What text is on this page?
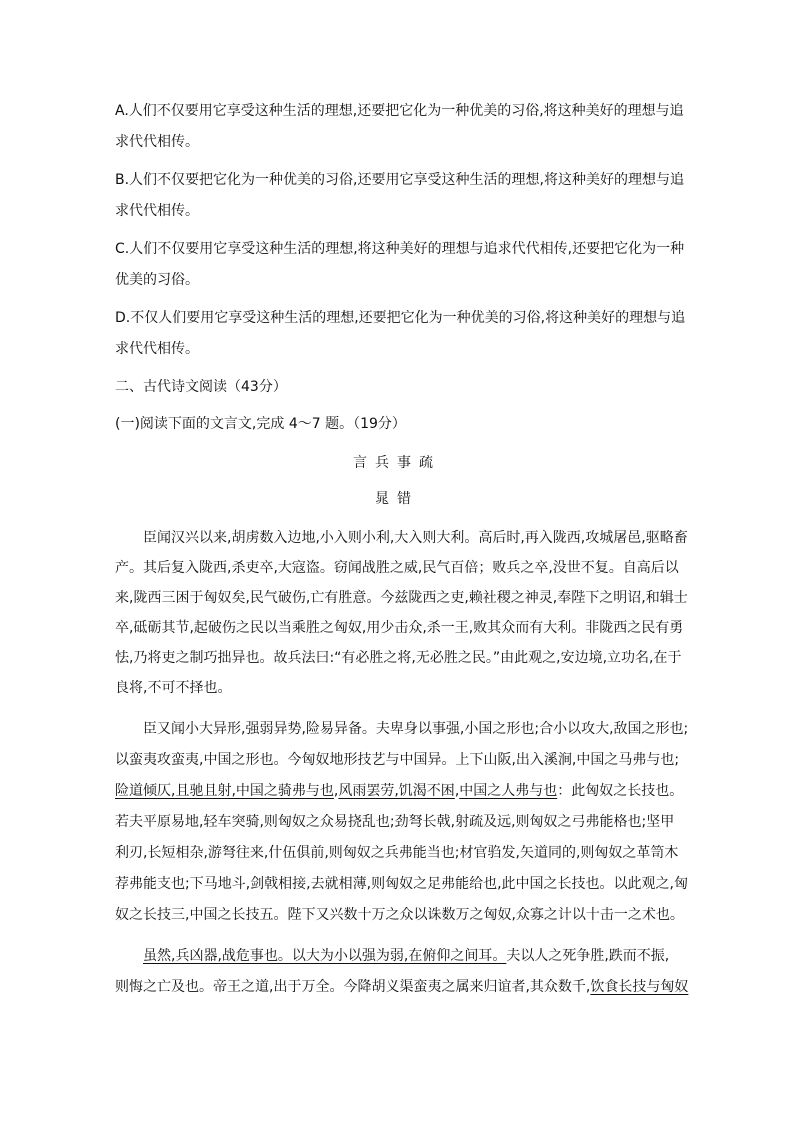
A.人们不仅要用它享受这种生活的理想,还要把它化为一种优美的习俗,将这种美好的理想与追
求代代相传。
B.人们不仅要把它化为一种优美的习俗,还要用它享受这种生活的理想,将这种美好的理想与追
求代代相传。
C.人们不仅要用它享受这种生活的理想,将这种美好的理想与追求代代相传,还要把它化为一种
优美的习俗。
D.不仅人们要用它享受这种生活的理想,还要把它化为一种优美的习俗,将这种美好的理想与追
求代代相传。
二、古代诗文阅读（43分）
(一)阅读下面的文言文,完成 4～7 题。（19分）
言兵事疏
晁错
臣闻汉兴以来,胡虏数入边地,小入则小利,大入则大利。高后时,再入陇西,攻城屠邑,驱略畜
产。其后复入陇西,杀吏卒,大寇盗。窃闻战胜之威,民气百倍；败兵之卒,没世不复。自高后以
来,陇西三困于匈奴矣,民气破伤,亡有胜意。今兹陇西之吏,赖社稷之神灵,奉陛下之明诏,和辑士
卒,砥砺其节,起破伤之民以当乘胜之匈奴,用少击众,杀一王,败其众而有大利。非陇西之民有勇
怯,乃将吏之制巧拙异也。故兵法曰:“有必胜之将,无必胜之民。”由此观之,安边境,立功名,在于
良将,不可不择也。
臣又闻小大异形,强弱异势,险易异备。夫卑身以事强,小国之形也;合小以攻大,敌国之形也;
以蛮夷攻蛮夷,中国之形也。今匈奴地形技艺与中国异。上下山阪,出入溪涧,中国之马弗与也;
险道倾仄,且驰且射,中国之骑弗与也,风雨罢劳,饥渴不困,中国之人弗与也：此匈奴之长技也。
若夫平原易地,轻车突骑,则匈奴之众易挠乱也;劲弩长戟,射疏及远,则匈奴之弓弗能格也;坚甲
利刃,长短相杂,游弩往来,什伍俱前,则匈奴之兵弗能当也;材官驺发,矢道同的,则匈奴之革笥木
荐弗能支也;下马地斗,剑戟相接,去就相薄,则匈奴之足弗能给也,此中国之长技也。以此观之,匈
奴之长技三,中国之长技五。陛下又兴数十万之众以诛数万之匈奴,众寡之计以十击一之术也。
虽然,兵凶器,战危事也。以大为小以强为弱,在俯仰之间耳。夫以人之死争胜,跌而不振,
则悔之亡及也。帝王之道,出于万全。今降胡义渠蛮夷之属来归谊者,其众数千,饮食长技与匈奴
